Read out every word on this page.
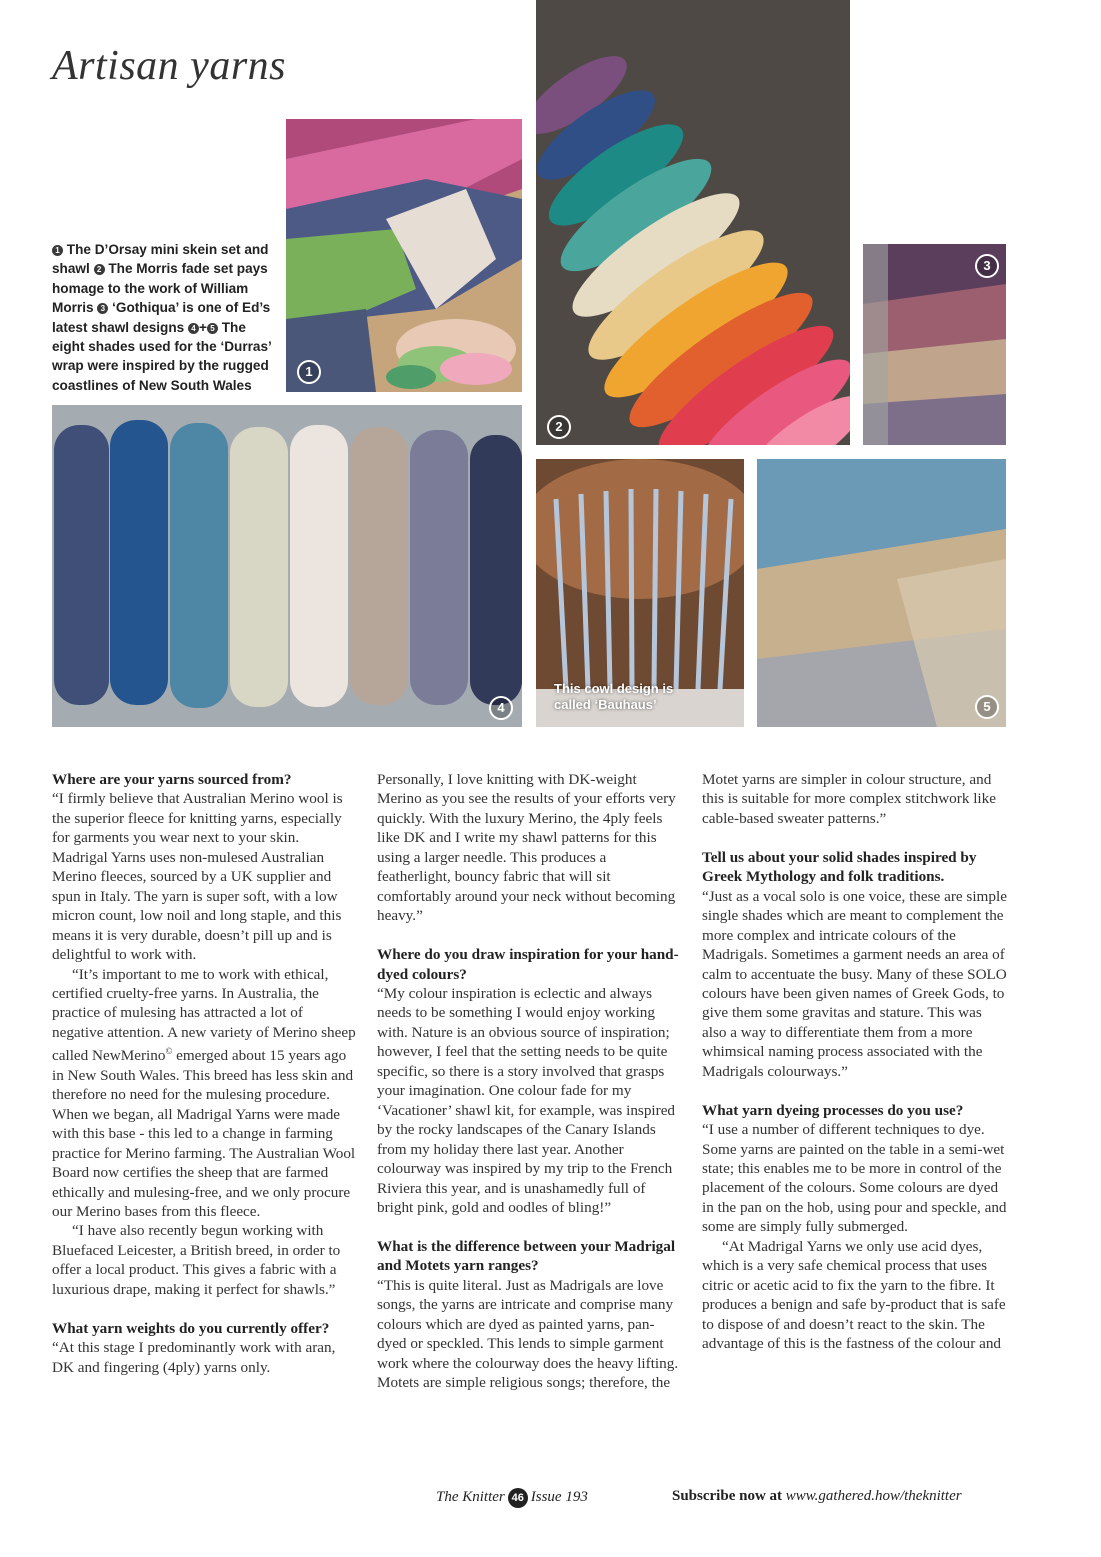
Artisan yarns
1
2
3
1 The D’Orsay mini skein set and shawl 2 The Morris fade set pays homage to the work of William Morris 3 ‘Gothiqua’ is one of Ed’s latest shawl designs 4 + 5 The eight shades used for the ‘Durras’ wrap were inspired by the rugged coastlines of New South Wales
4
This cowl design is called ‘Bauhaus’	5
Where are your yarns sourced from?

“I firmly believe that Australian Merino wool is the superior fleece for knitting yarns, especially for garments you wear next to your skin. Madrigal Yarns uses non-mulesed Australian Merino fleeces, sourced by a UK supplier and spun in Italy. The yarn is super soft, with a low micron count, low noil and long staple, and this means it is very durable, doesn’t pill up and is delightful to work with.

“It’s important to me to work with ethical, certified cruelty-free yarns. In Australia, the practice of mulesing has attracted a lot of negative attention. A new variety of Merino sheep called NewMerino© emerged about 15 years ago in New South Wales. This breed has less skin and therefore no need for the mulesing procedure. When we began, all Madrigal Yarns were made with this base - this led to a change in farming practice for Merino farming. The Australian Wool Board now certifies the sheep that are farmed ethically and mulesing-free, and we only procure our Merino bases from this fleece.

“I have also recently begun working with Bluefaced Leicester, a British breed, in order to offer a local product. This gives a fabric with a luxurious drape, making it perfect for shawls.”

What yarn weights do you currently offer?

“At this stage I predominantly work with aran, DK and fingering (4ply) yarns only.

Personally, I love knitting with DK-weight Merino as you see the results of your efforts very quickly. With the luxury Merino, the 4ply feels like DK and I write my shawl patterns for this using a larger needle. This produces a featherlight, bouncy fabric that will sit comfortably around your neck without becoming heavy.”

Where do you draw inspiration for your hand-dyed colours?

“My colour inspiration is eclectic and always needs to be something I would enjoy working with. Nature is an obvious source of inspiration; however, I feel that the setting needs to be quite specific, so there is a story involved that grasps your imagination. One colour fade for my ‘Vacationer’ shawl kit, for example, was inspired by the rocky landscapes of the Canary Islands from my holiday there last year. Another colourway was inspired by my trip to the French Riviera this year, and is unashamedly full of bright pink, gold and oodles of bling!”

What is the difference between your Madrigal and Motets yarn ranges?

“This is quite literal. Just as Madrigals are love songs, the yarns are intricate and comprise many colours which are dyed as painted yarns, pan-dyed or speckled. This lends to simple garment work where the colourway does the heavy lifting. Motets are simple religious songs; therefore, the

Motet yarns are simpler in colour structure, and this is suitable for more complex stitchwork like cable-based sweater patterns.”

Tell us about your solid shades inspired by Greek Mythology and folk traditions.

“Just as a vocal solo is one voice, these are simple single shades which are meant to complement the more complex and intricate colours of the Madrigals. Sometimes a garment needs an area of calm to accentuate the busy. Many of these SOLO colours have been given names of Greek Gods, to give them some gravitas and stature. This was also a way to differentiate them from a more whimsical naming process associated with the Madrigals colourways.”

What yarn dyeing processes do you use?

“I use a number of different techniques to dye. Some yarns are painted on the table in a semi-wet state; this enables me to be more in control of the placement of the colours. Some colours are dyed in the pan on the hob, using pour and speckle, and some are simply fully submerged.

“At Madrigal Yarns we only use acid dyes, which is a very safe chemical process that uses citric or acetic acid to fix the yarn to the fibre. It produces a benign and safe by-product that is safe to dispose of and doesn’t react to the skin. The advantage of this is the fastness of the colour and

The Knitter 46 Issue 193	Subscribe now at www.gathered.how/theknitter
